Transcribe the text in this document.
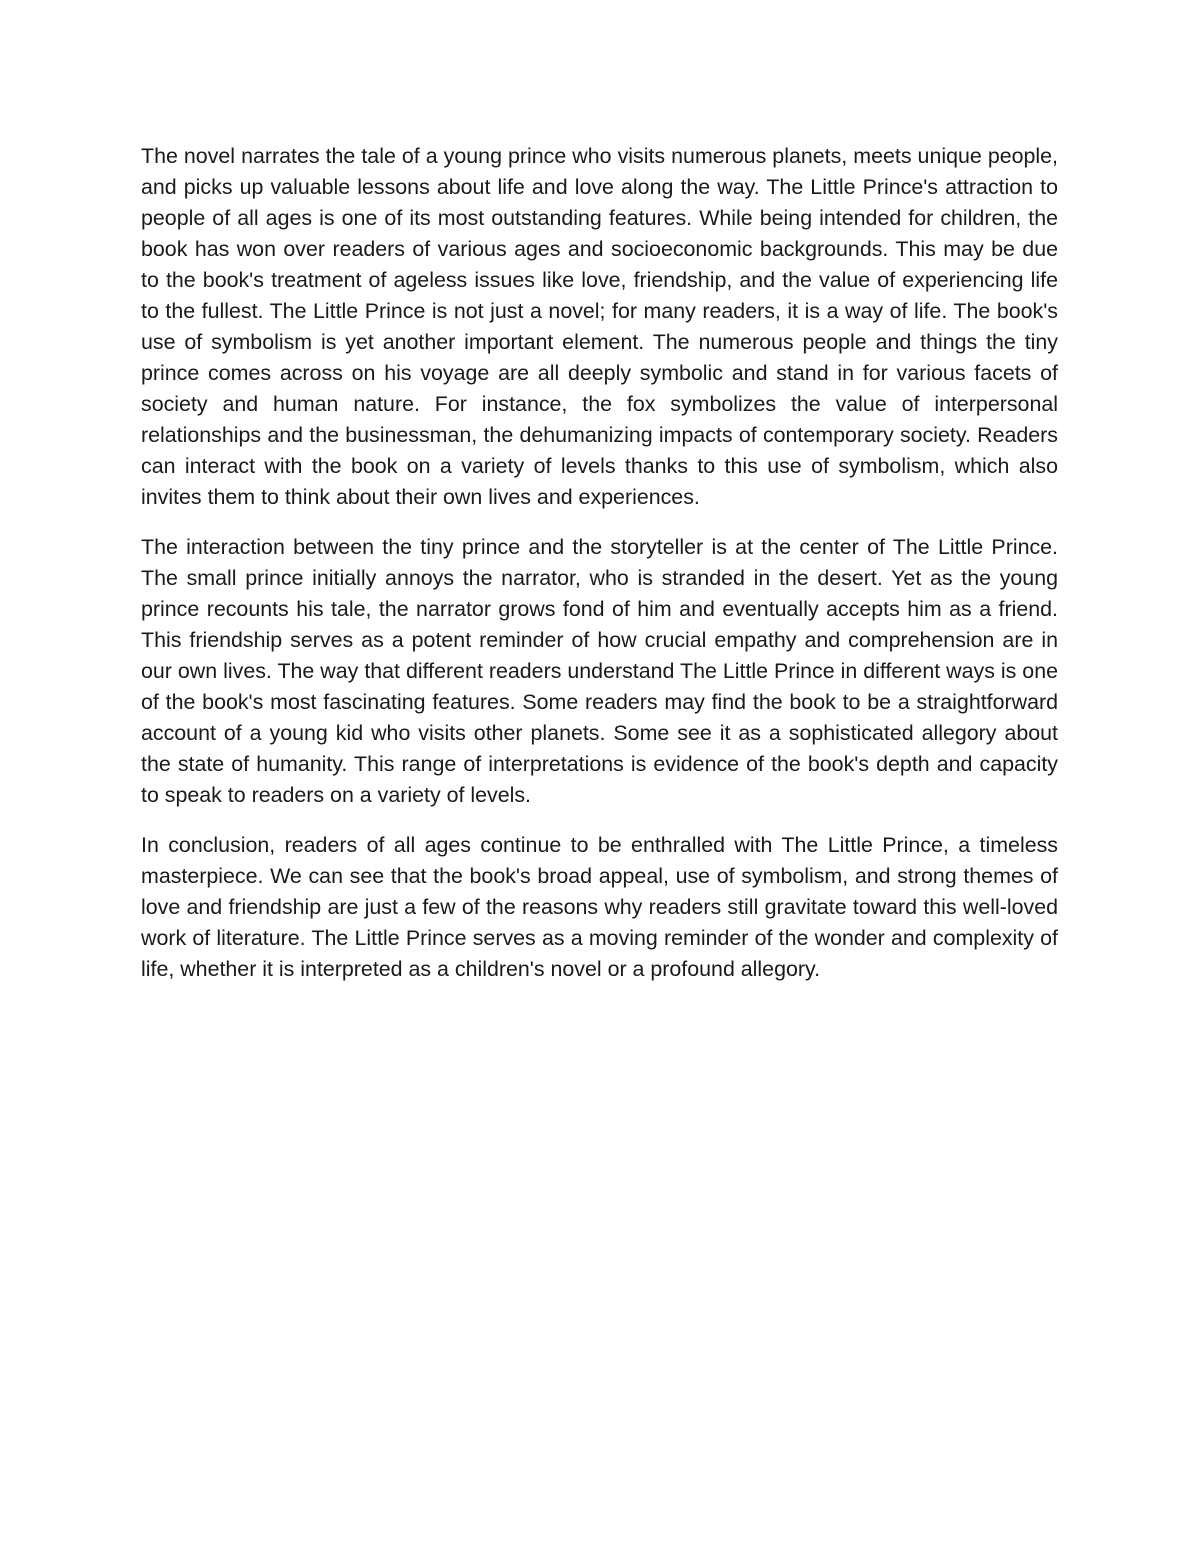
The novel narrates the tale of a young prince who visits numerous planets, meets unique people, and picks up valuable lessons about life and love along the way. The Little Prince's attraction to people of all ages is one of its most outstanding features. While being intended for children, the book has won over readers of various ages and socioeconomic backgrounds. This may be due to the book's treatment of ageless issues like love, friendship, and the value of experiencing life to the fullest. The Little Prince is not just a novel; for many readers, it is a way of life. The book's use of symbolism is yet another important element. The numerous people and things the tiny prince comes across on his voyage are all deeply symbolic and stand in for various facets of society and human nature. For instance, the fox symbolizes the value of interpersonal relationships and the businessman, the dehumanizing impacts of contemporary society. Readers can interact with the book on a variety of levels thanks to this use of symbolism, which also invites them to think about their own lives and experiences.

The interaction between the tiny prince and the storyteller is at the center of The Little Prince. The small prince initially annoys the narrator, who is stranded in the desert. Yet as the young prince recounts his tale, the narrator grows fond of him and eventually accepts him as a friend. This friendship serves as a potent reminder of how crucial empathy and comprehension are in our own lives. The way that different readers understand The Little Prince in different ways is one of the book's most fascinating features. Some readers may find the book to be a straightforward account of a young kid who visits other planets. Some see it as a sophisticated allegory about the state of humanity. This range of interpretations is evidence of the book's depth and capacity to speak to readers on a variety of levels.

In conclusion, readers of all ages continue to be enthralled with The Little Prince, a timeless masterpiece. We can see that the book's broad appeal, use of symbolism, and strong themes of love and friendship are just a few of the reasons why readers still gravitate toward this well-loved work of literature. The Little Prince serves as a moving reminder of the wonder and complexity of life, whether it is interpreted as a children's novel or a profound allegory.
